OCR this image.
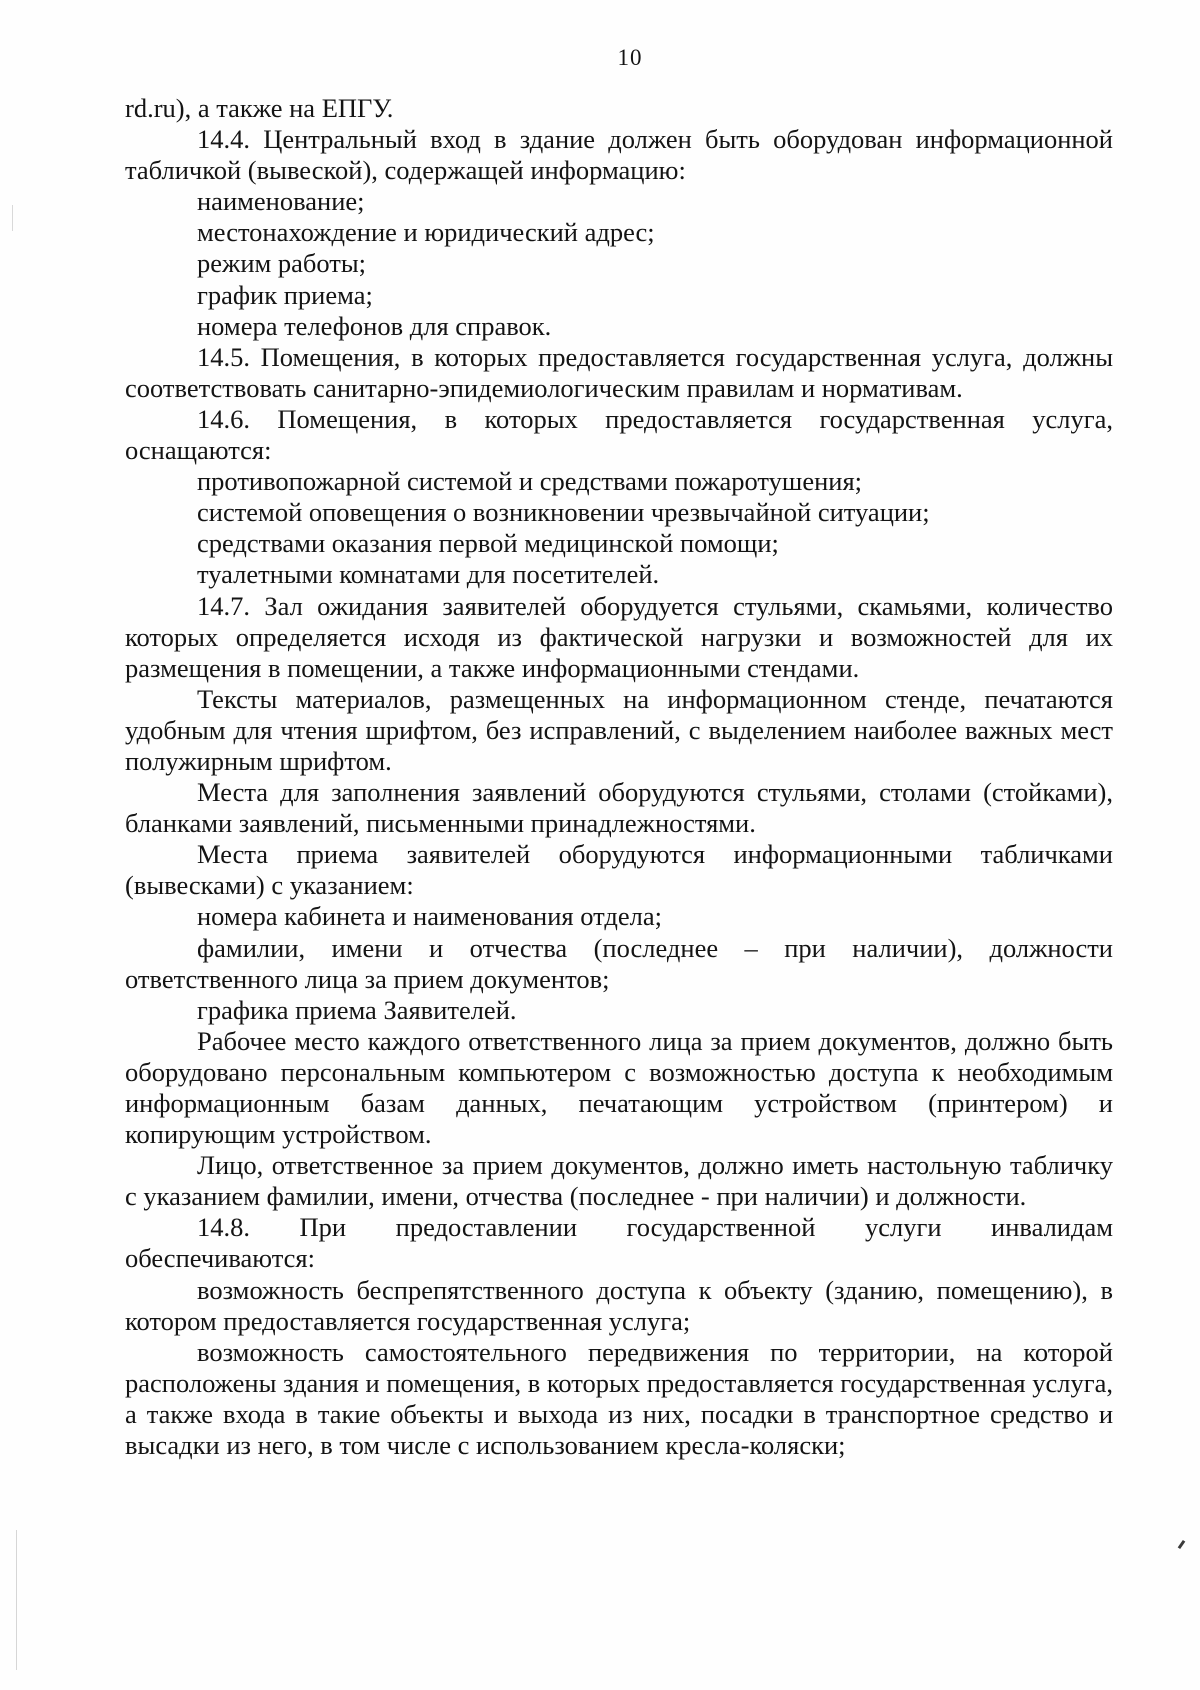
10

rd.ru), а также на ЕПГУ.

14.4. Центральный вход в здание должен быть оборудован информационной табличкой (вывеской), содержащей информацию:

наименование;

местонахождение и юридический адрес;

режим работы;

график приема;

номера телефонов для справок.

14.5. Помещения, в которых предоставляется государственная услуга, должны соответствовать санитарно-эпидемиологическим правилам и нормативам.

14.6. Помещения, в которых предоставляется государственная услуга, оснащаются:

противопожарной системой и средствами пожаротушения;

системой оповещения о возникновении чрезвычайной ситуации;

средствами оказания первой медицинской помощи;

туалетными комнатами для посетителей.

14.7. Зал ожидания заявителей оборудуется стульями, скамьями, количество которых определяется исходя из фактической нагрузки и возможностей для их размещения в помещении, а также информационными стендами.

Тексты материалов, размещенных на информационном стенде, печатаются удобным для чтения шрифтом, без исправлений, с выделением наиболее важных мест полужирным шрифтом.

Места для заполнения заявлений оборудуются стульями, столами (стойками), бланками заявлений, письменными принадлежностями.

Места приема заявителей оборудуются информационными табличками (вывесками) с указанием:

номера кабинета и наименования отдела;

фамилии, имени и отчества (последнее – при наличии), должности ответственного лица за прием документов;

графика приема Заявителей.

Рабочее место каждого ответственного лица за прием документов, должно быть оборудовано персональным компьютером с возможностью доступа к необходимым информационным базам данных, печатающим устройством (принтером) и копирующим устройством.

Лицо, ответственное за прием документов, должно иметь настольную табличку с указанием фамилии, имени, отчества (последнее - при наличии) и должности.

14.8. При предоставлении государственной услуги инвалидам

обеспечиваются:

возможность беспрепятственного доступа к объекту (зданию, помещению), в котором предоставляется государственная услуга;

возможность самостоятельного передвижения по территории, на которой расположены здания и помещения, в которых предоставляется государственная услуга, а также входа в такие объекты и выхода из них, посадки в транспортное средство и высадки из него, в том числе с использованием кресла-коляски;
